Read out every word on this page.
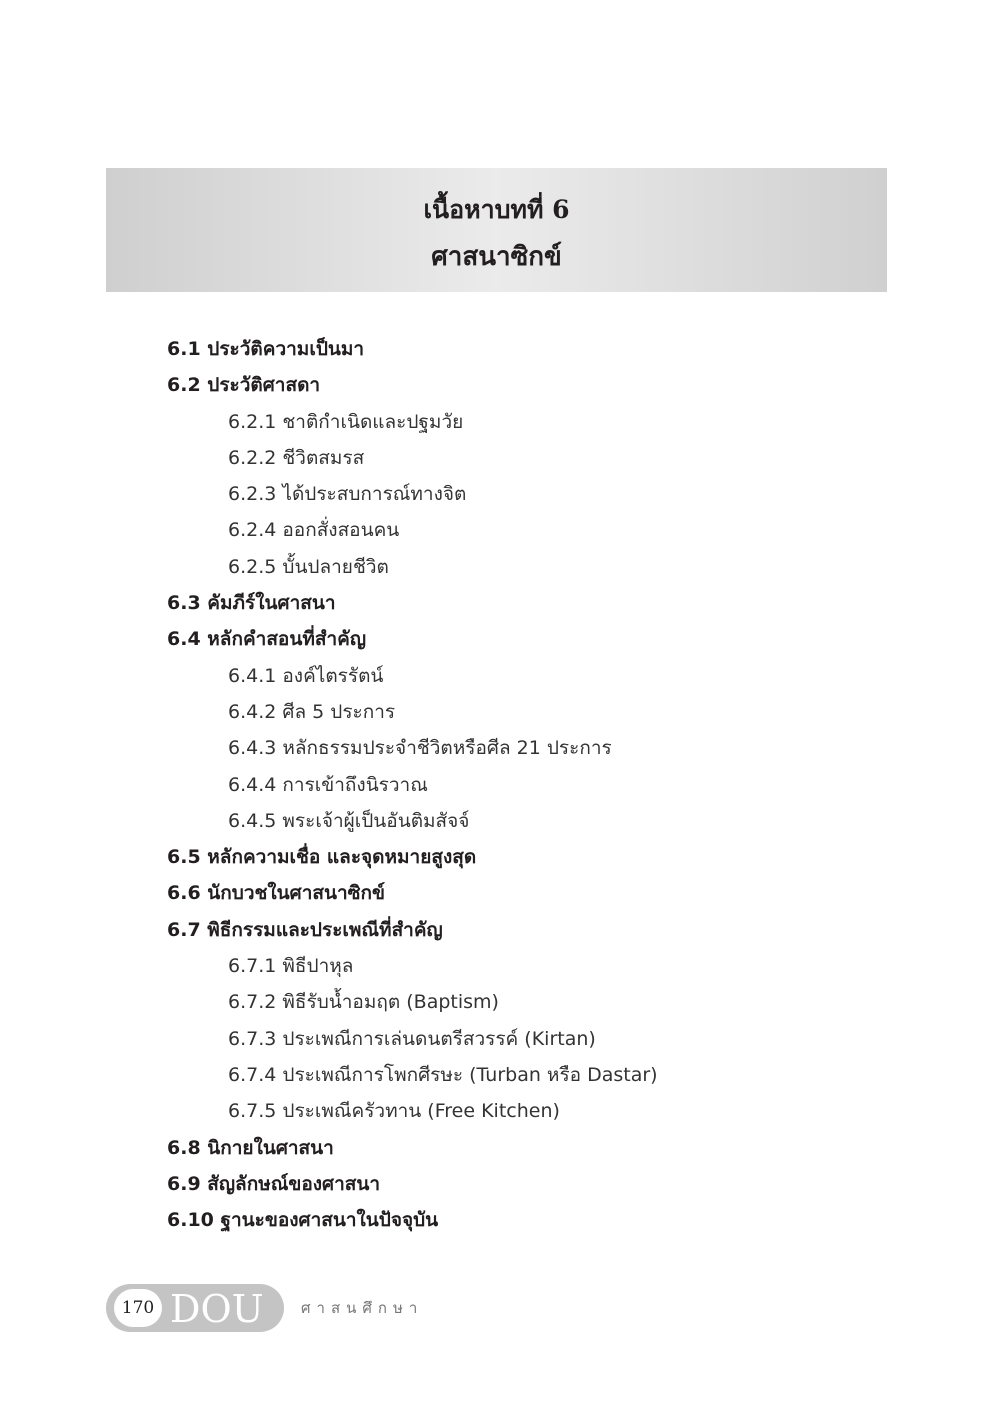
เนื้อหาบทที่ 6
ศาสนาซิกข์
6.1 ประวัติความเป็นมา
6.2 ประวัติศาสดา
6.2.1 ชาติกำเนิดและปฐมวัย
6.2.2 ชีวิตสมรส
6.2.3 ได้ประสบการณ์ทางจิต
6.2.4 ออกสั่งสอนคน
6.2.5 บั้นปลายชีวิต
6.3 คัมภีร์ในศาสนา
6.4 หลักคำสอนที่สำคัญ
6.4.1 องค์ไตรรัตน์
6.4.2 ศีล 5 ประการ
6.4.3 หลักธรรมประจำชีวิตหรือศีล 21 ประการ
6.4.4 การเข้าถึงนิรวาณ
6.4.5 พระเจ้าผู้เป็นอันติมสัจจ์
6.5 หลักความเชื่อ และจุดหมายสูงสุด
6.6 นักบวชในศาสนาซิกข์
6.7 พิธีกรรมและประเพณีที่สำคัญ
6.7.1 พิธีปาหุล
6.7.2 พิธีรับน้ำอมฤต (Baptism)
6.7.3 ประเพณีการเล่นดนตรีสวรรค์ (Kirtan)
6.7.4 ประเพณีการโพกศีรษะ (Turban หรือ Dastar)
6.7.5 ประเพณีครัวทาน (Free Kitchen)
6.8 นิกายในศาสนา
6.9 สัญลักษณ์ของศาสนา
6.10 ฐานะของศาสนาในปัจจุบัน
170 DOU ศาสนศึกษา
